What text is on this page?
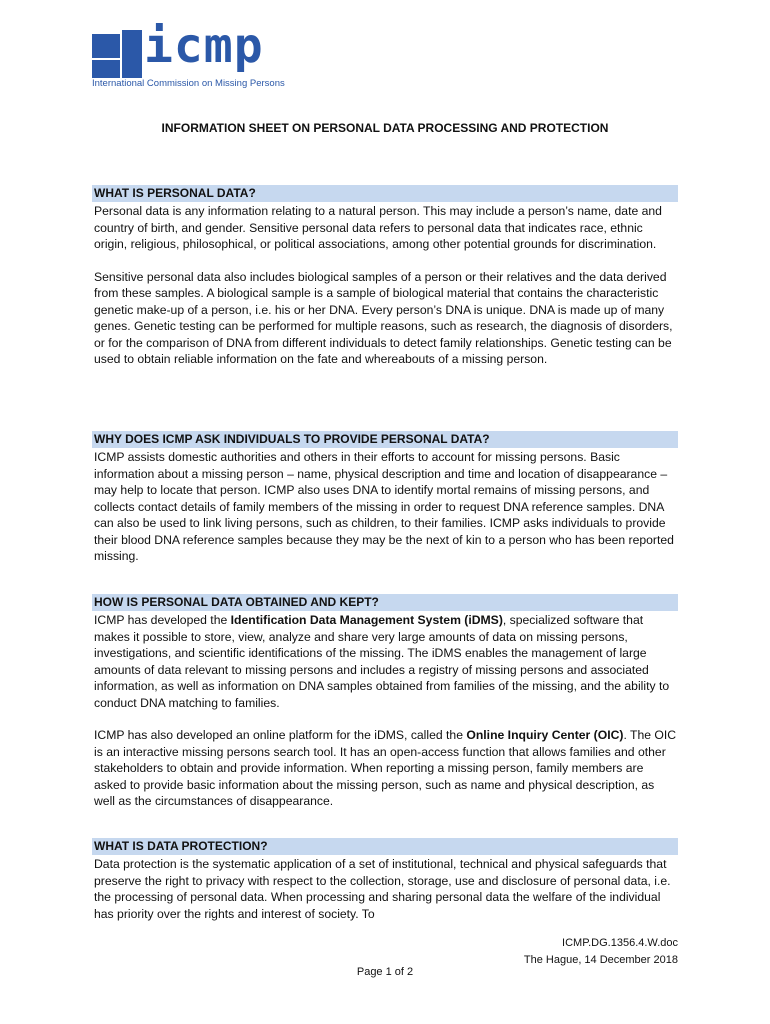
icmp
International Commission on Missing Persons
INFORMATION SHEET ON PERSONAL DATA PROCESSING AND PROTECTION
WHAT IS PERSONAL DATA?

Personal data is any information relating to a natural person. This may include a person’s name, date and country of birth, and gender. Sensitive personal data refers to personal data that indicates race, ethnic origin, religious, philosophical, or political associations, among other potential grounds for discrimination.

Sensitive personal data also includes biological samples of a person or their relatives and the data derived from these samples. A biological sample is a sample of biological material that contains the characteristic genetic make-up of a person, i.e. his or her DNA. Every person’s DNA is unique. DNA is made up of many genes. Genetic testing can be performed for multiple reasons, such as research, the diagnosis of disorders, or for the comparison of DNA from different individuals to detect family relationships. Genetic testing can be used to obtain reliable information on the fate and whereabouts of a missing person.

WHY DOES ICMP ASK INDIVIDUALS TO PROVIDE PERSONAL DATA?

ICMP assists domestic authorities and others in their efforts to account for missing persons. Basic information about a missing person – name, physical description and time and location of disappearance – may help to locate that person. ICMP also uses DNA to identify mortal remains of missing persons, and collects contact details of family members of the missing in order to request DNA reference samples. DNA can also be used to link living persons, such as children, to their families. ICMP asks individuals to provide their blood DNA reference samples because they may be the next of kin to a person who has been reported missing.

HOW IS PERSONAL DATA OBTAINED AND KEPT?

ICMP has developed the Identification Data Management System (iDMS), specialized software that makes it possible to store, view, analyze and share very large amounts of data on missing persons, investigations, and scientific identifications of the missing. The iDMS enables the management of large amounts of data relevant to missing persons and includes a registry of missing persons and associated information, as well as information on DNA samples obtained from families of the missing, and the ability to conduct DNA matching to families.

ICMP has also developed an online platform for the iDMS, called the Online Inquiry Center (OIC). The OIC is an interactive missing persons search tool. It has an open-access function that allows families and other stakeholders to obtain and provide information. When reporting a missing person, family members are asked to provide basic information about the missing person, such as name and physical description, as well as the circumstances of disappearance.

WHAT IS DATA PROTECTION?

Data protection is the systematic application of a set of institutional, technical and physical safeguards that preserve the right to privacy with respect to the collection, storage, use and disclosure of personal data, i.e. the processing of personal data. When processing and sharing personal data the welfare of the individual has priority over the rights and interest of society. To

ICMP.DG.1356.4.W.doc
The Hague, 14 December 2018
Page 1 of 2
